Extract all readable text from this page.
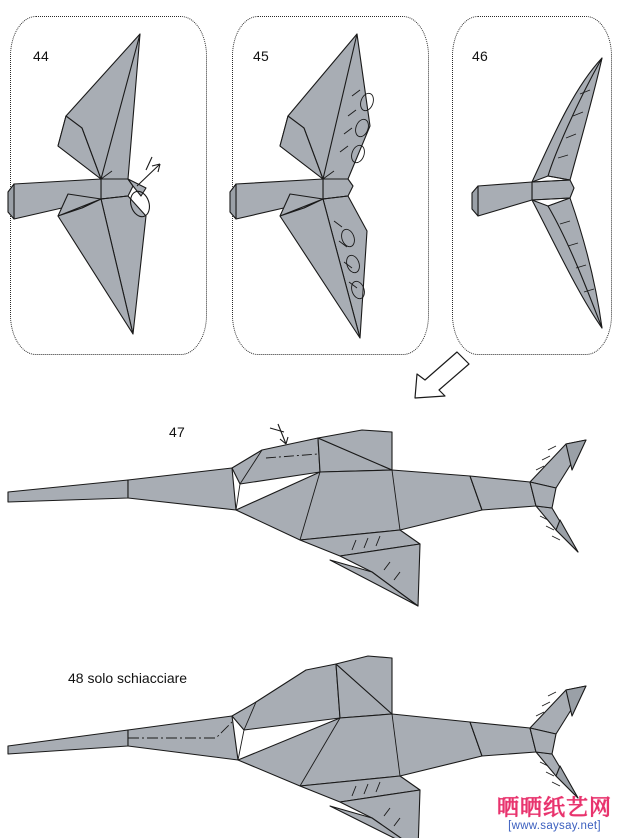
44	45	46
47
48 solo schiacciare
晒晒纸艺网
[www.saysay.net]
